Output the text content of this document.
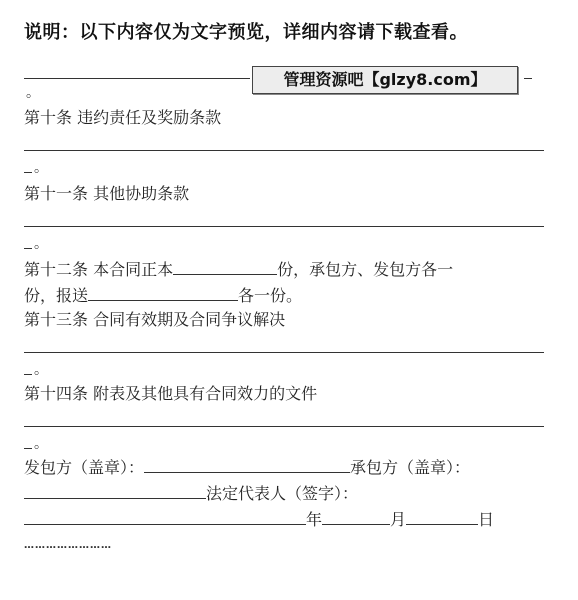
说明：以下内容仅为文字预览，详细内容请下载查看。
管理资源吧【glzy8.com】
。
第十条 违约责任及奖励条款
。
第十一条 其他协助条款
。
第十二条 本合同正本	份，承包方、发包方各一
份，报送	各一份。
第十三条 合同有效期及合同争议解决
。
第十四条 附表及其他具有合同效力的文件
。
发包方（盖章）：	承包方（盖章）：
法定代表人（签字）：
年	月	日
……………………
